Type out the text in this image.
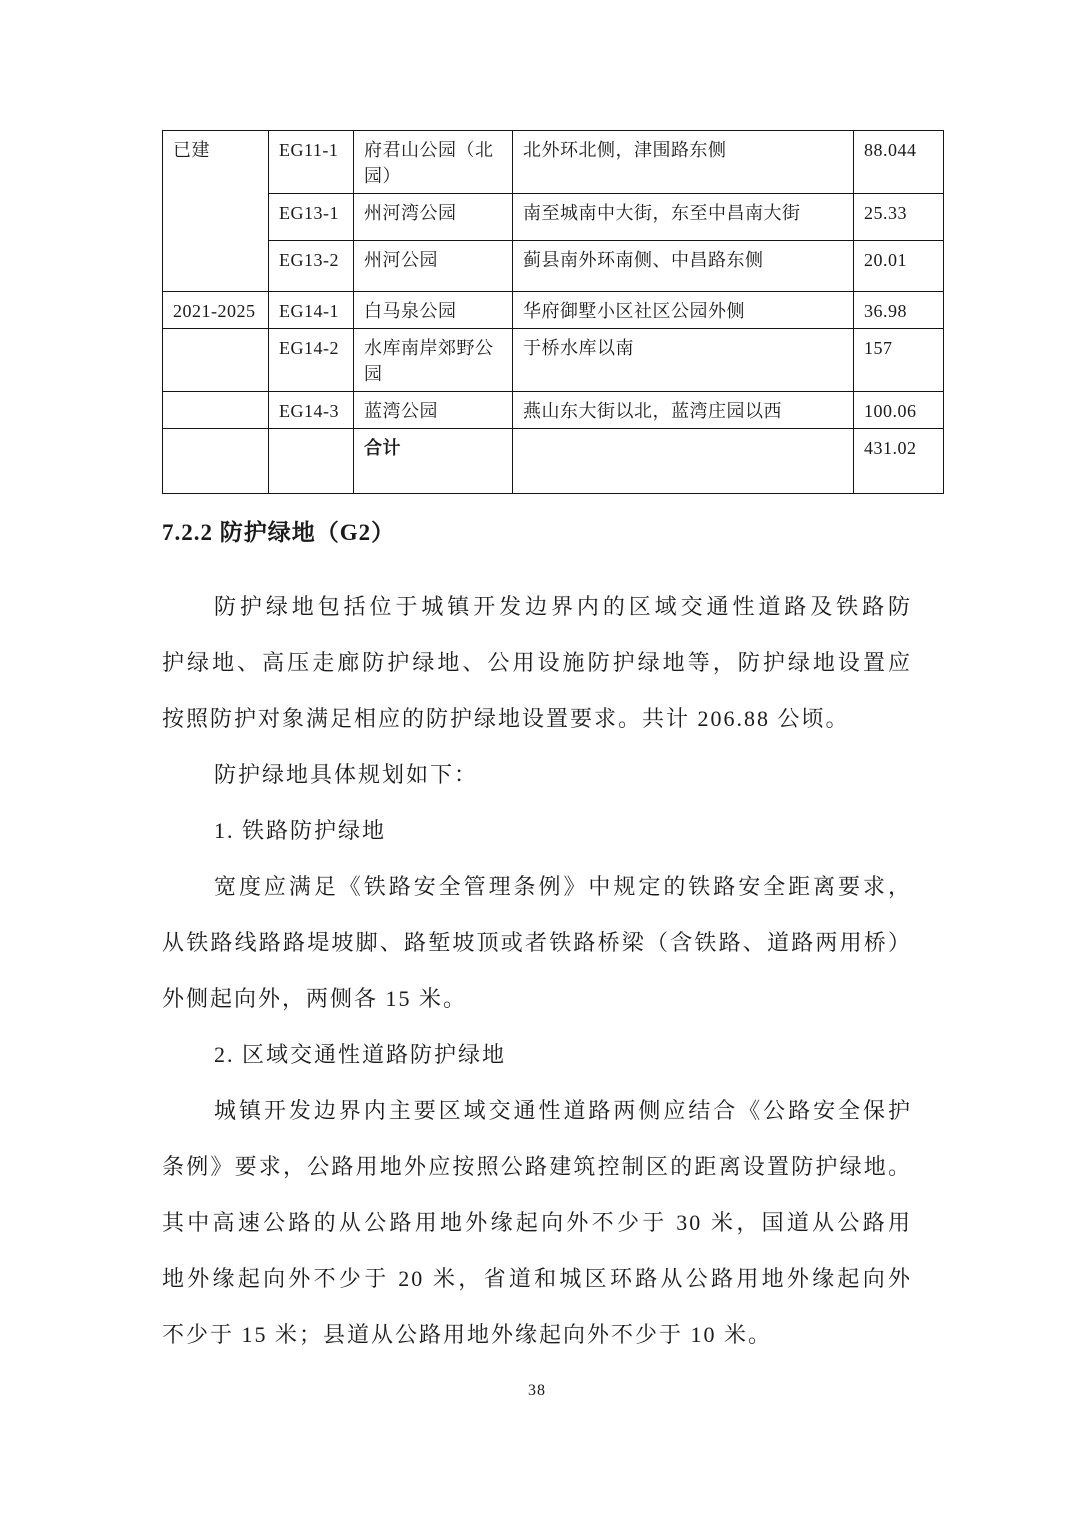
已建	EG11-1	府君山公园（北园）	北外环北侧，津围路东侧	88.044
	EG13-1	州河湾公园	南至城南中大街，东至中昌南大街	25.33
	EG13-2	州河公园	蓟县南外环南侧、中昌路东侧	20.01
2021-2025	EG14-1	白马泉公园	华府御墅小区社区公园外侧	36.98
	EG14-2	水库南岸郊野公园	于桥水库以南	157
	EG14-3	蓝湾公园	燕山东大街以北，蓝湾庄园以西	100.06
		合计		431.02
7.2.2 防护绿地（G2）
防护绿地包括位于城镇开发边界内的区域交通性道路及铁路防
护绿地、高压走廊防护绿地、公用设施防护绿地等，防护绿地设置应
按照防护对象满足相应的防护绿地设置要求。共计 206.88 公顷。
防护绿地具体规划如下：
1. 铁路防护绿地
宽度应满足《铁路安全管理条例》中规定的铁路安全距离要求，
从铁路线路路堤坡脚、路堑坡顶或者铁路桥梁（含铁路、道路两用桥）
外侧起向外，两侧各 15 米。
2. 区域交通性道路防护绿地
城镇开发边界内主要区域交通性道路两侧应结合《公路安全保护
条例》要求，公路用地外应按照公路建筑控制区的距离设置防护绿地。
其中高速公路的从公路用地外缘起向外不少于 30 米，国道从公路用
地外缘起向外不少于 20 米，省道和城区环路从公路用地外缘起向外
不少于 15 米；县道从公路用地外缘起向外不少于 10 米。
38
